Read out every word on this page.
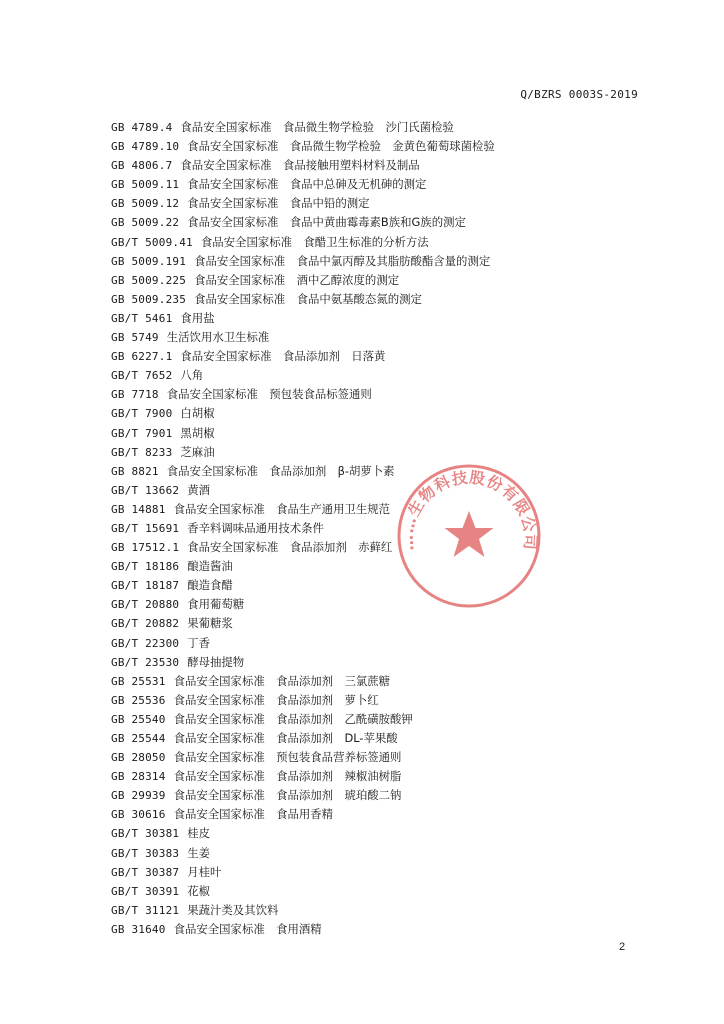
Q/BZRS 0003S-2019
GB 4789.4 食品安全国家标准　食品微生物学检验　沙门氏菌检验
GB 4789.10 食品安全国家标准　食品微生物学检验　金黄色葡萄球菌检验
GB 4806.7 食品安全国家标准　食品接触用塑料材料及制品
GB 5009.11 食品安全国家标准　食品中总砷及无机砷的测定
GB 5009.12 食品安全国家标准　食品中铅的测定
GB 5009.22 食品安全国家标准　食品中黄曲霉毒素B族和G族的测定
GB/T 5009.41 食品安全国家标准　食醋卫生标准的分析方法
GB 5009.191 食品安全国家标准　食品中氯丙醇及其脂肪酸酯含量的测定
GB 5009.225 食品安全国家标准　酒中乙醇浓度的测定
GB 5009.235 食品安全国家标准　食品中氨基酸态氮的测定
GB/T 5461 食用盐
GB 5749 生活饮用水卫生标准
GB 6227.1 食品安全国家标准　食品添加剂　日落黄
GB/T 7652 八角
GB 7718 食品安全国家标准　预包装食品标签通则
GB/T 7900 白胡椒
GB/T 7901 黑胡椒
GB/T 8233 芝麻油
GB 8821 食品安全国家标准　食品添加剂　β-胡萝卜素
GB/T 13662 黄酒
GB 14881 食品安全国家标准　食品生产通用卫生规范
GB/T 15691 香辛料调味品通用技术条件
GB 17512.1 食品安全国家标准　食品添加剂　赤藓红
GB/T 18186 酿造酱油
GB/T 18187 酿造食醋
GB/T 20880 食用葡萄糖
GB/T 20882 果葡糖浆
GB/T 22300 丁香
GB/T 23530 酵母抽提物
GB 25531 食品安全国家标准　食品添加剂　三氯蔗糖
GB 25536 食品安全国家标准　食品添加剂　萝卜红
GB 25540 食品安全国家标准　食品添加剂　乙酰磺胺酸钾
GB 25544 食品安全国家标准　食品添加剂　DL-苹果酸
GB 28050 食品安全国家标准　预包装食品营养标签通则
GB 28314 食品安全国家标准　食品添加剂　辣椒油树脂
GB 29939 食品安全国家标准　食品添加剂　琥珀酸二钠
GB 30616 食品安全国家标准　食品用香精
GB/T 30381 桂皮
GB/T 30383 生姜
GB/T 30387 月桂叶
GB/T 30391 花椒
GB/T 31121 果蔬汁类及其饮料
GB 31640 食品安全国家标准　食用酒精
……生物科技股份有限公司
2
